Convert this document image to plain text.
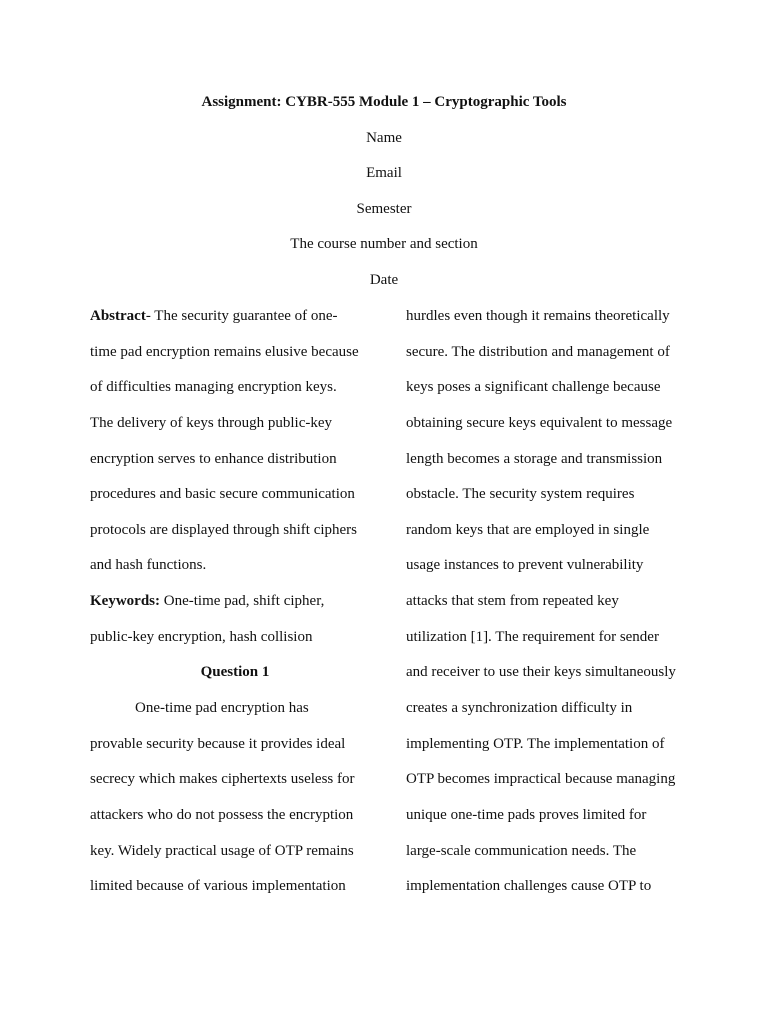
Assignment: CYBR-555 Module 1 – Cryptographic Tools
Name
Email
Semester
The course number and section
Date
Abstract- The security guarantee of one-
time pad encryption remains elusive because
of difficulties managing encryption keys.
The delivery of keys through public-key
encryption serves to enhance distribution
procedures and basic secure communication
protocols are displayed through shift ciphers
and hash functions.
Keywords: One-time pad, shift cipher,
public-key encryption, hash collision
Question 1
One-time pad encryption has
provable security because it provides ideal
secrecy which makes ciphertexts useless for
attackers who do not possess the encryption
key. Widely practical usage of OTP remains
limited because of various implementation
hurdles even though it remains theoretically
secure. The distribution and management of
keys poses a significant challenge because
obtaining secure keys equivalent to message
length becomes a storage and transmission
obstacle. The security system requires
random keys that are employed in single
usage instances to prevent vulnerability
attacks that stem from repeated key
utilization [1]. The requirement for sender
and receiver to use their keys simultaneously
creates a synchronization difficulty in
implementing OTP. The implementation of
OTP becomes impractical because managing
unique one-time pads proves limited for
large-scale communication needs. The
implementation challenges cause OTP to
